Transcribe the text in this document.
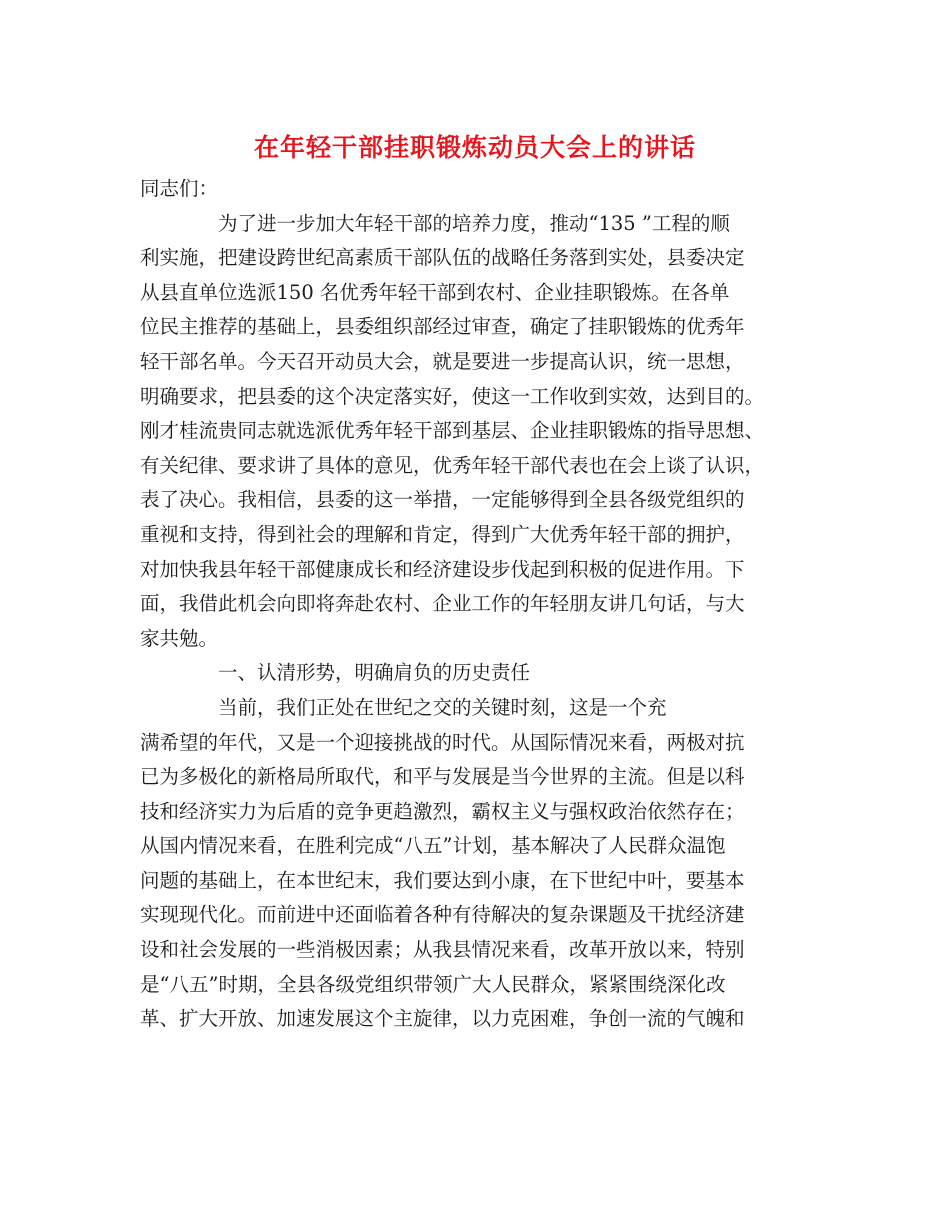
在年轻干部挂职锻炼动员大会上的讲话
同志们：
为了进一步加大年轻干部的培养力度，推动“135 ”工程的顺
利实施，把建设跨世纪高素质干部队伍的战略任务落到实处，县委决定
从县直单位选派150 名优秀年轻干部到农村、企业挂职锻炼。在各单
位民主推荐的基础上，县委组织部经过审查，确定了挂职锻炼的优秀年
轻干部名单。今天召开动员大会，就是要进一步提高认识，统一思想，
明确要求，把县委的这个决定落实好，使这一工作收到实效，达到目的。
刚才桂流贵同志就选派优秀年轻干部到基层、企业挂职锻炼的指导思想、
有关纪律、要求讲了具体的意见，优秀年轻干部代表也在会上谈了认识，
表了决心。我相信，县委的这一举措，一定能够得到全县各级党组织的
重视和支持，得到社会的理解和肯定，得到广大优秀年轻干部的拥护，
对加快我县年轻干部健康成长和经济建设步伐起到积极的促进作用。下
面，我借此机会向即将奔赴农村、企业工作的年轻朋友讲几句话，与大
家共勉。
一、认清形势，明确肩负的历史责任
当前，我们正处在世纪之交的关键时刻，这是一个充
满希望的年代，又是一个迎接挑战的时代。从国际情况来看，两极对抗
已为多极化的新格局所取代，和平与发展是当今世界的主流。但是以科
技和经济实力为后盾的竞争更趋激烈，霸权主义与强权政治依然存在；
从国内情况来看，在胜利完成“八五”计划，基本解决了人民群众温饱
问题的基础上，在本世纪末，我们要达到小康，在下世纪中叶，要基本
实现现代化。而前进中还面临着各种有待解决的复杂课题及干扰经济建
设和社会发展的一些消极因素；从我县情况来看，改革开放以来，特别
是“八五”时期，全县各级党组织带领广大人民群众，紧紧围绕深化改
革、扩大开放、加速发展这个主旋律，以力克困难，争创一流的气魄和
